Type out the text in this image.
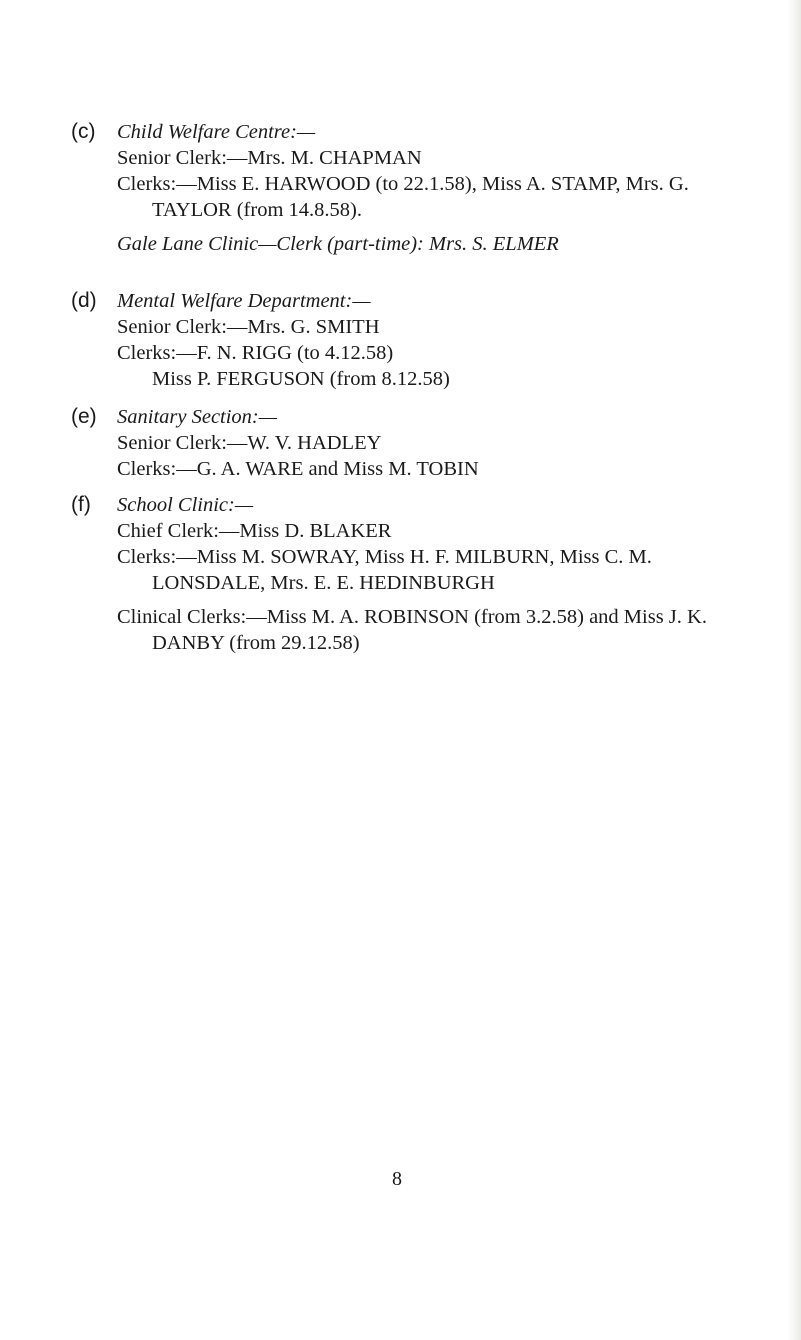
(c) Child Welfare Centre:—
Senior Clerk:—Mrs. M. CHAPMAN
Clerks:—Miss E. HARWOOD (to 22.1.58), Miss A. STAMP, Mrs. G.
TAYLOR (from 14.8.58).
Gale Lane Clinic—Clerk (part-time): Mrs. S. ELMER
(d) Mental Welfare Department:—
Senior Clerk:—Mrs. G. SMITH
Clerks:—F. N. RIGG (to 4.12.58)
Miss P. FERGUSON (from 8.12.58)
(e) Sanitary Section:—
Senior Clerk:—W. V. HADLEY
Clerks:—G. A. WARE and Miss M. TOBIN
(f) School Clinic:—
Chief Clerk:—Miss D. BLAKER
Clerks:—Miss M. SOWRAY, Miss H. F. MILBURN, Miss C. M.
LONSDALE, Mrs. E. E. HEDINBURGH
Clinical Clerks:—Miss M. A. ROBINSON (from 3.2.58) and Miss J. K.
DANBY (from 29.12.58)
8
